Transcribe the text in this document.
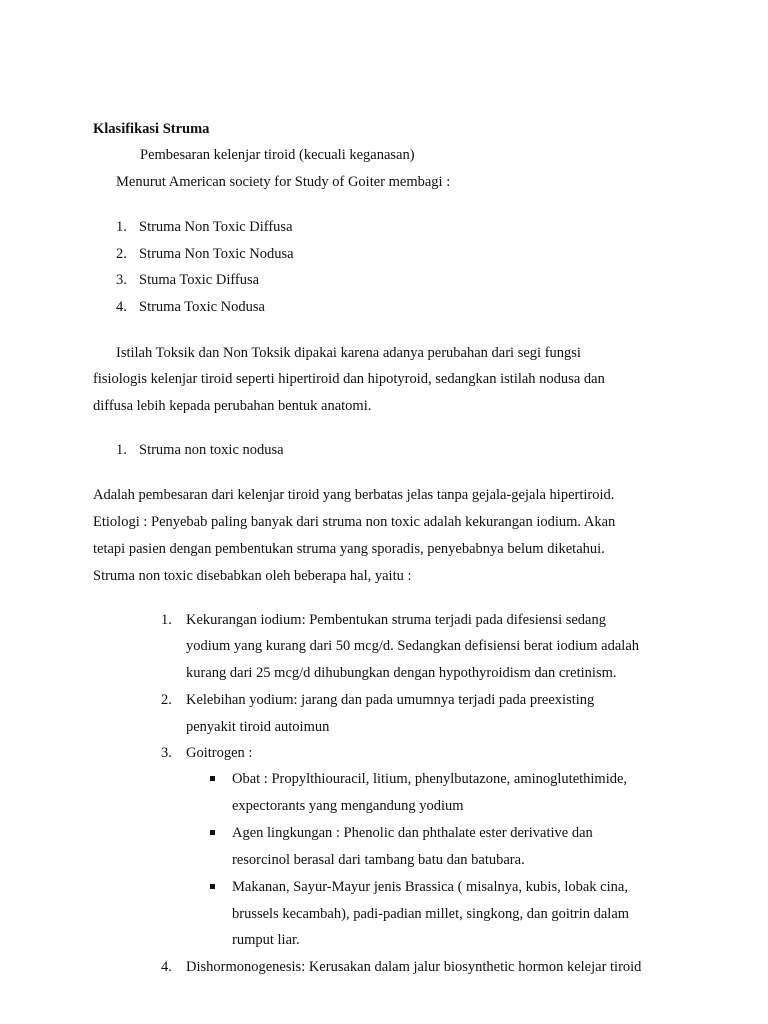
Klasifikasi Struma
Pembesaran kelenjar tiroid (kecuali keganasan)
Menurut American society for Study of Goiter membagi :
1. Struma Non Toxic Diffusa
2. Struma Non Toxic Nodusa
3. Stuma Toxic Diffusa
4. Struma Toxic Nodusa
Istilah Toksik dan Non Toksik dipakai karena adanya perubahan dari segi fungsi
fisiologis kelenjar tiroid seperti hipertiroid dan hipotyroid, sedangkan istilah nodusa dan
diffusa lebih kepada perubahan bentuk anatomi.
1. Struma non toxic nodusa
Adalah pembesaran dari kelenjar tiroid yang berbatas jelas tanpa gejala-gejala hipertiroid.
Etiologi : Penyebab paling banyak dari struma non toxic adalah kekurangan iodium. Akan
tetapi pasien dengan pembentukan struma yang sporadis, penyebabnya belum diketahui.
Struma non toxic disebabkan oleh beberapa hal, yaitu :
1. Kekurangan iodium: Pembentukan struma terjadi pada difesiensi sedang
yodium yang kurang dari 50 mcg/d. Sedangkan defisiensi berat iodium adalah
kurang dari 25 mcg/d dihubungkan dengan hypothyroidism dan cretinism.
2. Kelebihan yodium: jarang dan pada umumnya terjadi pada preexisting
penyakit tiroid autoimun
3. Goitrogen :
Obat : Propylthiouracil, litium, phenylbutazone, aminoglutethimide,
expectorants yang mengandung yodium
Agen lingkungan : Phenolic dan phthalate ester derivative dan
resorcinol berasal dari tambang batu dan batubara.
Makanan, Sayur-Mayur jenis Brassica ( misalnya, kubis, lobak cina,
brussels kecambah), padi-padian millet, singkong, dan goitrin dalam
rumput liar.
4. Dishormonogenesis: Kerusakan dalam jalur biosynthetic hormon kelejar tiroid
